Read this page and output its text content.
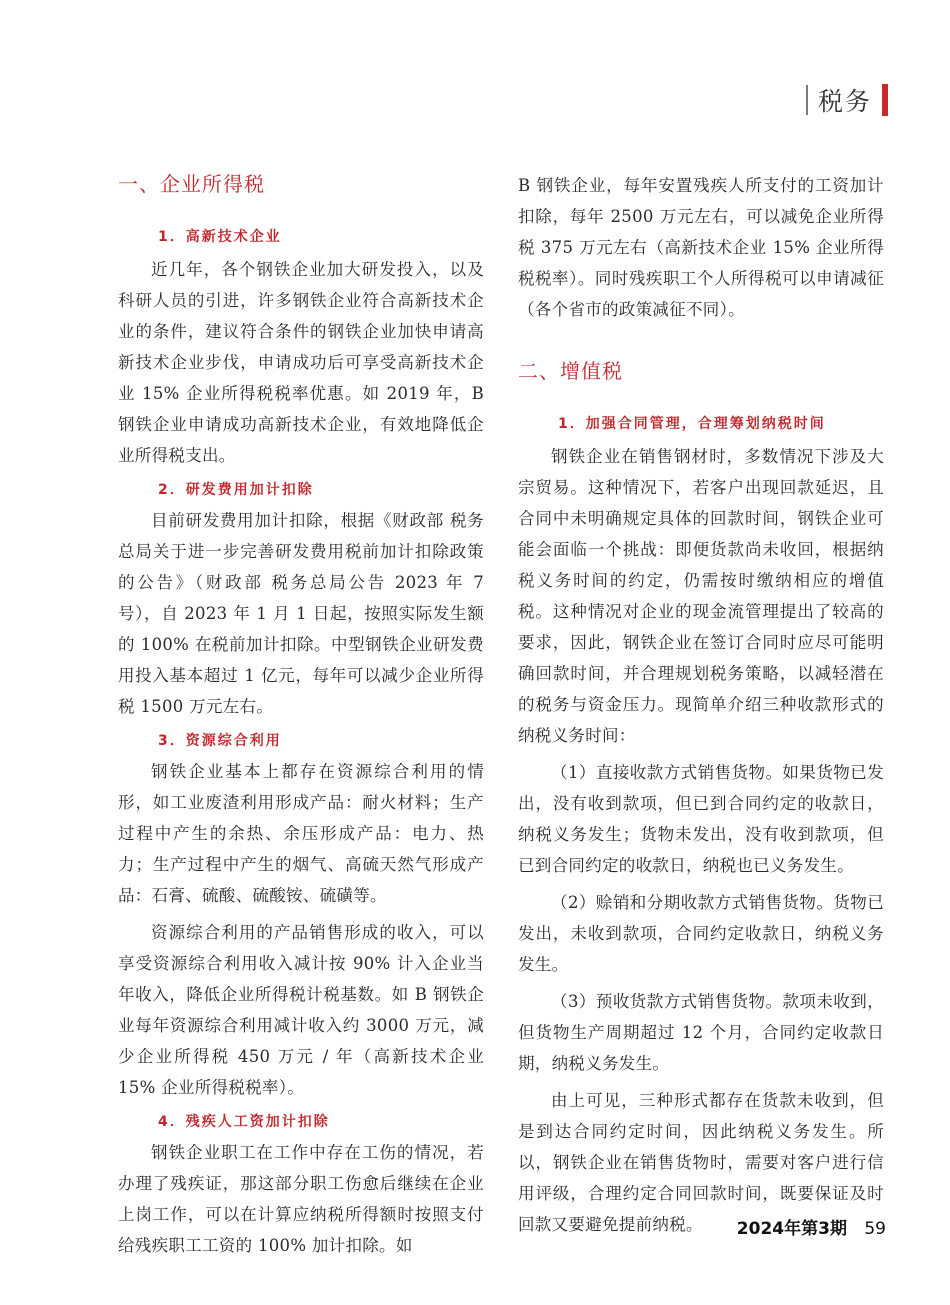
税务

一、企业所得税

1．高新技术企业

近几年，各个钢铁企业加大研发投入，以及科研人员的引进，许多钢铁企业符合高新技术企业的条件，建议符合条件的钢铁企业加快申请高新技术企业步伐，申请成功后可享受高新技术企业 15% 企业所得税税率优惠。如 2019 年，B 钢铁企业申请成功高新技术企业，有效地降低企业所得税支出。

2．研发费用加计扣除

目前研发费用加计扣除，根据《财政部 税务总局关于进一步完善研发费用税前加计扣除政策的公告》（财政部 税务总局公告 2023 年 7 号），自 2023 年 1 月 1 日起，按照实际发生额的 100% 在税前加计扣除。中型钢铁企业研发费用投入基本超过 1 亿元，每年可以减少企业所得税 1500 万元左右。

3．资源综合利用

钢铁企业基本上都存在资源综合利用的情形，如工业废渣利用形成产品：耐火材料；生产过程中产生的余热、余压形成产品：电力、热力；生产过程中产生的烟气、高硫天然气形成产品：石膏、硫酸、硫酸铵、硫磺等。

资源综合利用的产品销售形成的收入，可以享受资源综合利用收入减计按 90% 计入企业当年收入，降低企业所得税计税基数。如 B 钢铁企业每年资源综合利用减计收入约 3000 万元，减少企业所得税 450 万元 / 年（高新技术企业 15% 企业所得税税率）。

4．残疾人工资加计扣除

钢铁企业职工在工作中存在工伤的情况，若办理了残疾证，那这部分职工伤愈后继续在企业上岗工作，可以在计算应纳税所得额时按照支付给残疾职工工资的 100% 加计扣除。如

B 钢铁企业，每年安置残疾人所支付的工资加计扣除，每年 2500 万元左右，可以减免企业所得税 375 万元左右（高新技术企业 15% 企业所得税税率）。同时残疾职工个人所得税可以申请减征（各个省市的政策减征不同）。

二、增值税

1．加强合同管理，合理筹划纳税时间

钢铁企业在销售钢材时，多数情况下涉及大宗贸易。这种情况下，若客户出现回款延迟，且合同中未明确规定具体的回款时间，钢铁企业可能会面临一个挑战：即便货款尚未收回，根据纳税义务时间的约定，仍需按时缴纳相应的增值税。这种情况对企业的现金流管理提出了较高的要求，因此，钢铁企业在签订合同时应尽可能明确回款时间，并合理规划税务策略，以减轻潜在的税务与资金压力。现简单介绍三种收款形式的纳税义务时间：

（1）直接收款方式销售货物。如果货物已发出，没有收到款项，但已到合同约定的收款日，纳税义务发生；货物未发出，没有收到款项，但已到合同约定的收款日，纳税也已义务发生。

（2）赊销和分期收款方式销售货物。货物已发出，未收到款项，合同约定收款日，纳税义务发生。

（3）预收货款方式销售货物。款项未收到，但货物生产周期超过 12 个月，合同约定收款日期，纳税义务发生。

由上可见，三种形式都存在货款未收到，但是到达合同约定时间，因此纳税义务发生。所以，钢铁企业在销售货物时，需要对客户进行信用评级，合理约定合同回款时间，既要保证及时回款又要避免提前纳税。	2024年第3期 59
